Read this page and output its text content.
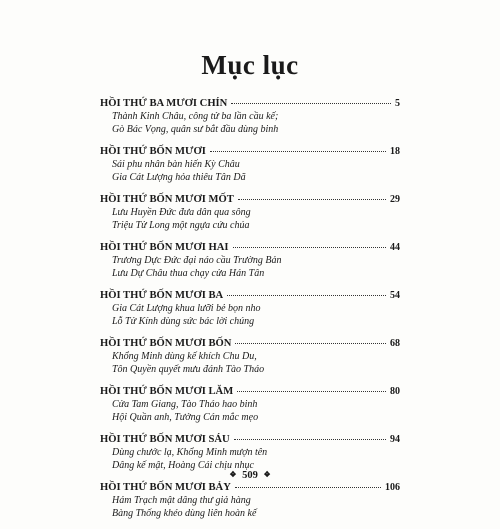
Mục lục
HỒI THỨ BA MƯƠI CHÍN	5
Thành Kinh Châu, công tử ba lần cầu kế;
Gò Bác Vọng, quân sư bắt đầu dùng binh
HỒI THỨ BỐN MƯƠI	18
Sái phu nhân bàn hiến Kỳ Châu
Gia Cát Lượng hỏa thiêu Tân Dã
HỒI THỨ BỐN MƯƠI MỐT	29
Lưu Huyền Đức đưa dân qua sông
Triệu Tử Long một ngựa cứu chúa
HỒI THỨ BỐN MƯƠI HAI	44
Trương Dực Đức đại náo cầu Trường Bản
Lưu Dự Châu thua chạy cửa Hán Tân
HỒI THỨ BỐN MƯƠI BA	54
Gia Cát Lượng khua lưỡi bẻ bọn nho
Lỗ Tử Kính dùng sức bác lời chúng
HỒI THỨ BỐN MƯƠI BỐN	68
Khổng Minh dùng kế khích Chu Du,
Tôn Quyền quyết mưu đánh Tào Tháo
HỒI THỨ BỐN MƯƠI LĂM	80
Cửa Tam Giang, Tào Tháo hao binh
Hội Quần anh, Tưởng Cán mắc mẹo
HỒI THỨ BỐN MƯƠI SÁU	94
Dùng chước lạ, Khổng Minh mượn tên
Dâng kế mật, Hoàng Cái chịu nhục
HỒI THỨ BỐN MƯƠI BẢY	106
Hám Trạch mật dâng thư giả hàng
Bàng Thống khéo dùng liên hoàn kế
❖ 509 ❖
